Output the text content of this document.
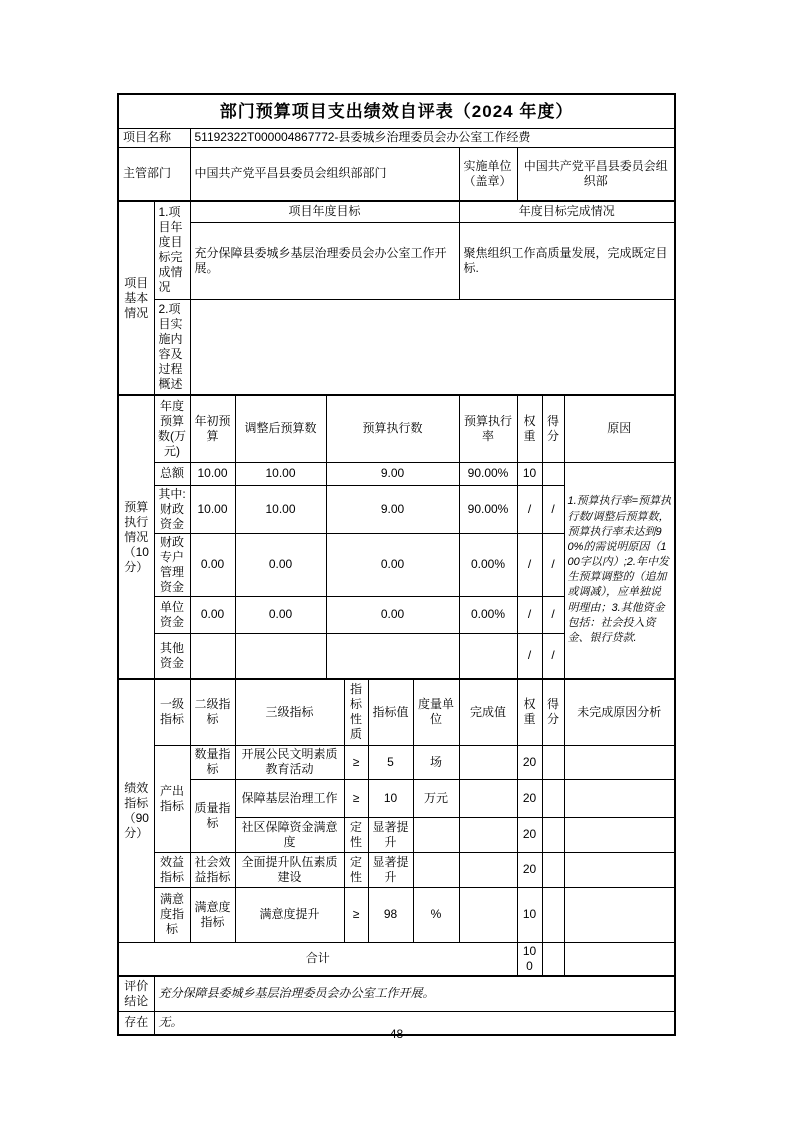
部门预算项目支出绩效自评表（2024 年度）											
项目名称		51192322T000004867772-县委城乡治理委员会办公室工作经费									
主管部门		中国共产党平昌县委员会组织部部门						实施单位（盖章）	中国共产党平昌县委员会组织部		
项目基本情况	1.项目年度目标完成情况	项目年度目标						年度目标完成情况			
		充分保障县委城乡基层治理委员会办公室工作开展。						聚焦组织工作高质量发展，完成既定目标.			
	2.项目实施内容及过程概述										
预算执行情况（10分）	年度预算数(万元)	年初预算	调整后预算数	预算执行数				预算执行率	权重	得分	原因
	总额	10.00	10.00	9.00				90.00%	10		1.预算执行率=预算执行数/调整后预算数，预算执行率未达到90%的需说明原因（100字以内）;2.年中发生预算调整的（追加或调减），应单独说明理由；3.其他资金包括：社会投入资金、银行贷款.
	其中:财政资金	10.00	10.00	9.00				90.00%	/	/	
	财政专户管理资金	0.00	0.00	0.00				0.00%	/	/	
	单位资金	0.00	0.00	0.00				0.00%	/	/	
	其他资金								/	/	
绩效指标（90分）	一级指标	二级指标	三级指标		指标性质	指标值	度量单位	完成值	权重	得分	未完成原因分析
	产出指标	数量指标	开展公民文明素质教育活动		≥	5	场		20		
		质量指标	保障基层治理工作		≥	10	万元		20		
			社区保障资金满意度		定性	显著提升			20		
	效益指标	社会效益指标	全面提升队伍素质建设		定性	显著提升			20		
	满意度指标	满意度指标	满意度提升		≥	98	%		10		
合计									100		
评价结论	充分保障县委城乡基层治理委员会办公室工作开展。										
存在	无。										
48
